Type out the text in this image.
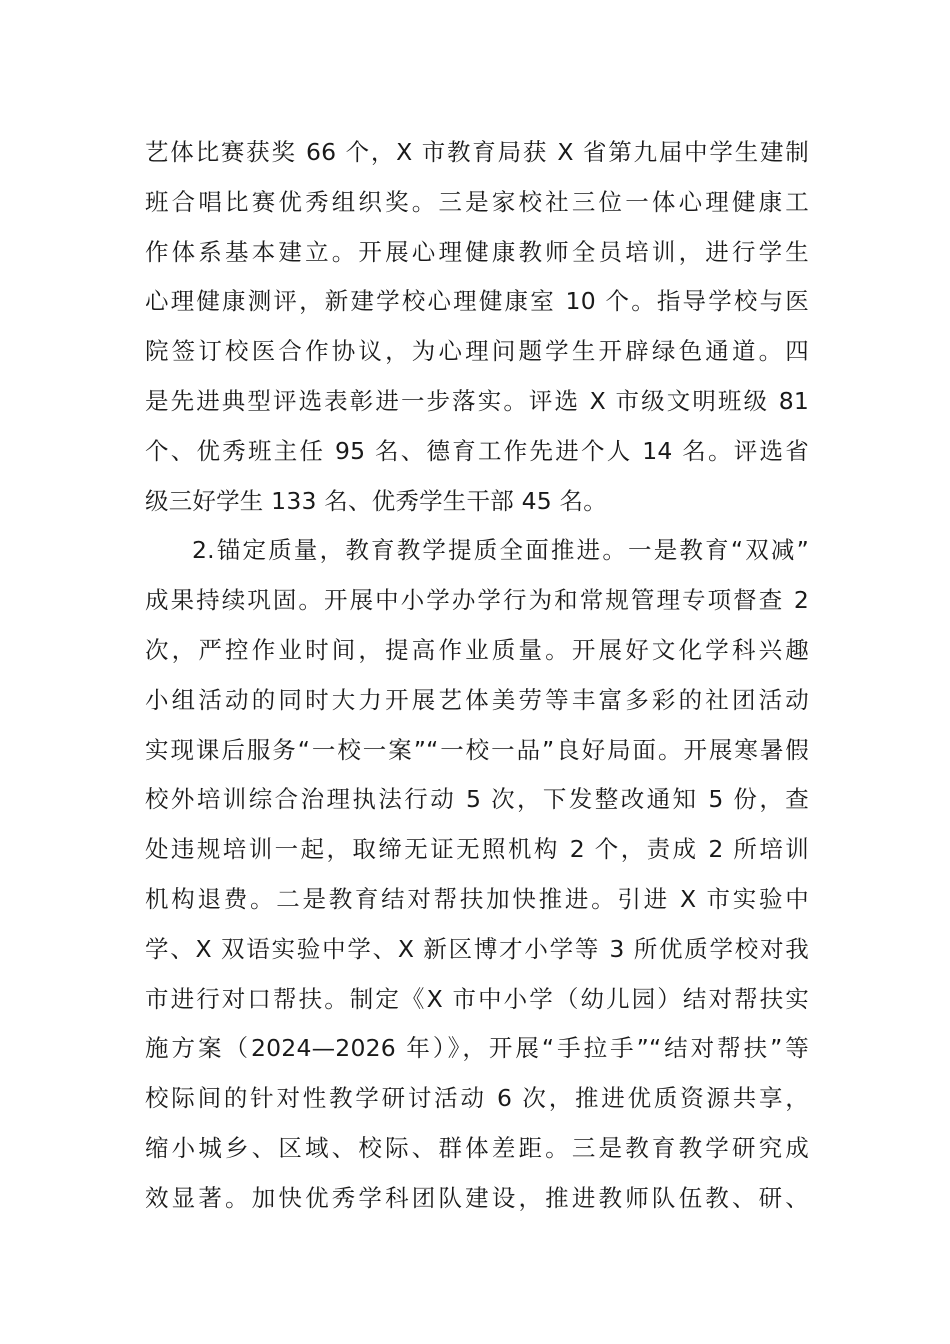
艺体比赛获奖 66 个，X 市教育局获 X 省第九届中学生建制
班合唱比赛优秀组织奖。三是家校社三位一体心理健康工
作体系基本建立。开展心理健康教师全员培训，进行学生
心理健康测评，新建学校心理健康室 10 个。指导学校与医
院签订校医合作协议，为心理问题学生开辟绿色通道。四
是先进典型评选表彰进一步落实。评选 X 市级文明班级 81
个、优秀班主任 95 名、德育工作先进个人 14 名。评选省
级三好学生 133 名、优秀学生干部 45 名。
2.锚定质量，教育教学提质全面推进。一是教育“双减”
成果持续巩固。开展中小学办学行为和常规管理专项督查 2
次，严控作业时间，提高作业质量。开展好文化学科兴趣
小组活动的同时大力开展艺体美劳等丰富多彩的社团活动
实现课后服务“一校一案”“一校一品”良好局面。开展寒暑假
校外培训综合治理执法行动 5 次，下发整改通知 5 份，查
处违规培训一起，取缔无证无照机构 2 个，责成 2 所培训
机构退费。二是教育结对帮扶加快推进。引进 X 市实验中
学、X 双语实验中学、X 新区博才小学等 3 所优质学校对我
市进行对口帮扶。制定《X 市中小学（幼儿园）结对帮扶实
施方案（2024—2026 年）》，开展“手拉手”“结对帮扶”等
校际间的针对性教学研讨活动 6 次，推进优质资源共享，
缩小城乡、区域、校际、群体差距。三是教育教学研究成
效显著。加快优秀学科团队建设，推进教师队伍教、研、
